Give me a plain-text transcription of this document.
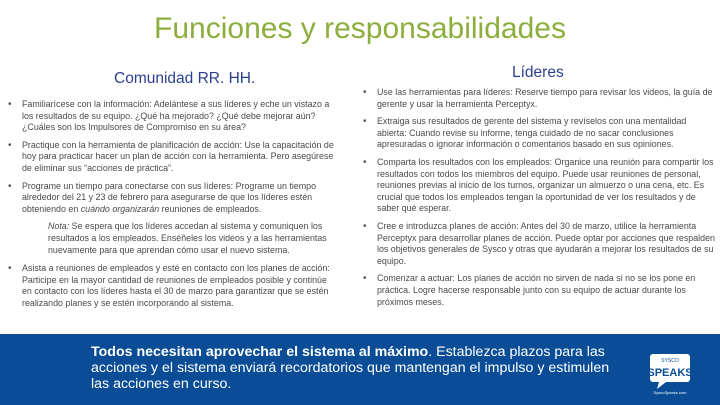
Funciones y responsabilidades
Comunidad RR. HH.	Líderes
• Familiarícese con la información: Adelántese a sus líderes y eche un vistazo a los resultados de su equipo. ¿Qué ha mejorado? ¿Qué debe mejorar aún? ¿Cuáles son los Impulsores de Compromiso en su área?
• Practique con la herramienta de planificación de acción: Use la capacitación de hoy para practicar hacer un plan de acción con la herramienta. Pero asegúrese de eliminar sus “acciones de práctica”.
• Programe un tiempo para conectarse con sus líderes: Programe un tiempo alrededor del 21 y 23 de febrero para asegurarse de que los líderes estén obteniendo en cuándo organizarán reuniones de empleados.
Nota: Se espera que los líderes accedan al sistema y comuniquen los resultados a los empleados. Enséñeles los videos y a las herramientas nuevamente para que aprendan cómo usar el nuevo sistema.
• Asista a reuniones de empleados y esté en contacto con los planes de acción: Participe en la mayor cantidad de reuniones de empleados posible y continúe en contacto con los líderes hasta el 30 de marzo para garantizar que se estén realizando planes y se estén incorporando al sistema.
• Use las herramientas para líderes: Reserve tiempo para revisar los videos, la guía de gerente y usar la herramienta Perceptyx.
• Extraiga sus resultados de gerente del sistema y revíselos con una mentalidad abierta: Cuando revise su informe, tenga cuidado de no sacar conclusiones apresuradas o ignorar información o comentarios basado en sus opiniones.
• Comparta los resultados con los empleados: Organice una reunión para compartir los resultados con todos los miembros del equipo. Puede usar reuniones de personal, reuniones previas al inicio de los turnos, organizar un almuerzo o una cena, etc. Es crucial que todos los empleados tengan la oportunidad de ver los resultados y de saber qué esperar.
• Cree e introduzca planes de acción: Antes del 30 de marzo, utilice la herramienta Perceptyx para desarrollar planes de acción. Puede optar por acciones que respalden los objetivos generales de Sysco y otras que ayudarán a mejorar los resultados de su equipo.
• Comenzar a actuar: Los planes de acción no sirven de nada si no se los pone en práctica. Logre hacerse responsable junto con su equipo de actuar durante los próximos meses.
Todos necesitan aprovechar el sistema al máximo. Establezca plazos para las acciones y el sistema enviará recordatorios que mantengan el impulso y estimulen las acciones en curso.
SYSCO
SPEAKS
SyscoSpeaks.com
